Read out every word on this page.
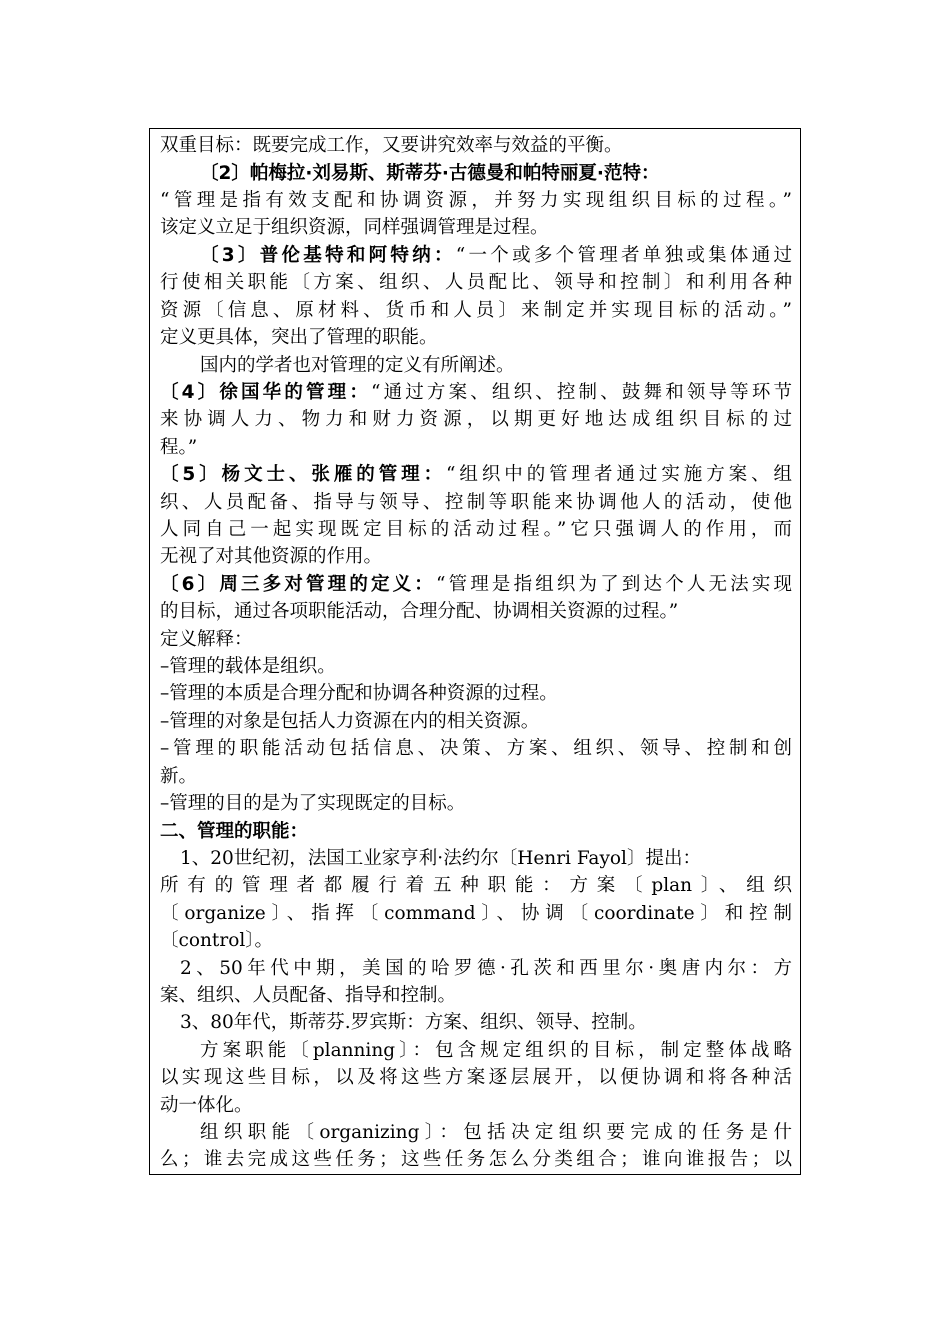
双重目标：既要完成工作，又要讲究效率与效益的平衡。
〔2〕帕梅拉·刘易斯、斯蒂芬·古德曼和帕特丽夏·范特：
“管理是指有效支配和协调资源，并努力实现组织目标的过程。”
该定义立足于组织资源，同样强调管理是过程。
〔3〕普伦基特和阿特纳：“一个或多个管理者单独或集体通过
行使相关职能〔方案、组织、人员配比、领导和控制〕和利用各种
资源〔信息、原材料、货币和人员〕来制定并实现目标的活动。”
定义更具体，突出了管理的职能。
国内的学者也对管理的定义有所阐述。
〔4〕徐国华的管理：“通过方案、组织、控制、鼓舞和领导等环节
来协调人力、物力和财力资源，以期更好地达成组织目标的过
程。”
〔5〕杨文士、张雁的管理：“组织中的管理者通过实施方案、组
织、人员配备、指导与领导、控制等职能来协调他人的活动，使他
人同自己一起实现既定目标的活动过程。”它只强调人的作用，而
无视了对其他资源的作用。
〔6〕周三多对管理的定义：“管理是指组织为了到达个人无法实现
的目标，通过各项职能活动，合理分配、协调相关资源的过程。”
定义解释：
–管理的载体是组织。
–管理的本质是合理分配和协调各种资源的过程。
–管理的对象是包括人力资源在内的相关资源。
–管理的职能活动包括信息、决策、方案、组织、领导、控制和创
新。
–管理的目的是为了实现既定的目标。
二、管理的职能：
1、20世纪初，法国工业家亨利·法约尔〔Henri Fayol〕提出：
所有的管理者都履行着五种职能：方案〔plan〕、组织
〔organize〕、指挥〔command〕、协调〔coordinate〕和控制
〔control〕。
2、50年代中期，美国的哈罗德·孔茨和西里尔·奥唐内尔：方
案、组织、人员配备、指导和控制。
3、80年代，斯蒂芬.罗宾斯：方案、组织、领导、控制。
方案职能〔planning〕：包含规定组织的目标，制定整体战略
以实现这些目标，以及将这些方案逐层展开，以便协调和将各种活
动一体化。
组织职能〔organizing〕：包括决定组织要完成的任务是什
么；谁去完成这些任务；这些任务怎么分类组合；谁向谁报告；以
